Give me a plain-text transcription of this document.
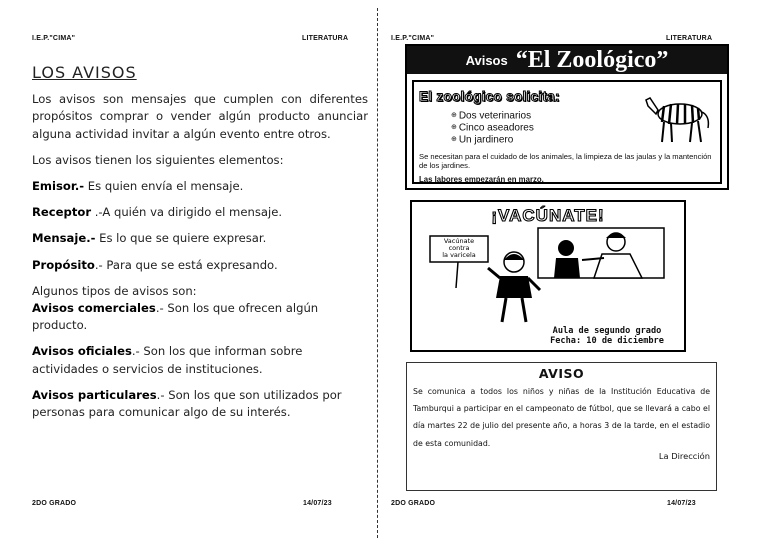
I.E.P."CIMA"	LITERATURA

LOS AVISOS

Los avisos son mensajes que cumplen con diferentes propósitos comprar o vender algún producto anunciar alguna actividad invitar a algún evento entre otros.

Los avisos tienen los siguientes elementos:

Emisor.- Es quien envía el mensaje.

Receptor .-A quién va dirigido el mensaje.

Mensaje.- Es lo que se quiere expresar.

Propósito.- Para que se está expresando.

Algunos tipos de avisos son:

Avisos comerciales.- Son los que ofrecen algún producto.

Avisos oficiales.- Son los que informan sobre actividades o servicios de instituciones.

Avisos particulares.- Son los que son utilizados por personas para comunicar algo de su interés.

2DO GRADO	14/07/23
I.E.P."CIMA"	LITERATURA
Avisos “El Zoológico”
El zoológico solicita:
⊕ Dos veterinarios
⊕ Cinco aseadores
⊕ Un jardinero
Se necesitan para el cuidado de los animales, la limpieza de las jaulas y la mantención de los jardines.
Las labores empezarán en marzo.
¡VACÚNATE!
Vacúnate
contra
la varicela
Aula de segundo grado
Fecha: 10 de diciembre
AVISO
Se comunica a todos los niños y niñas de la Institución Educativa de Tamburqui a participar en el campeonato de fútbol, que se llevará a cabo el día martes 22 de julio del presente año, a horas 3 de la tarde, en el estadio de esta comunidad.
La Dirección
2DO GRADO	14/07/23
